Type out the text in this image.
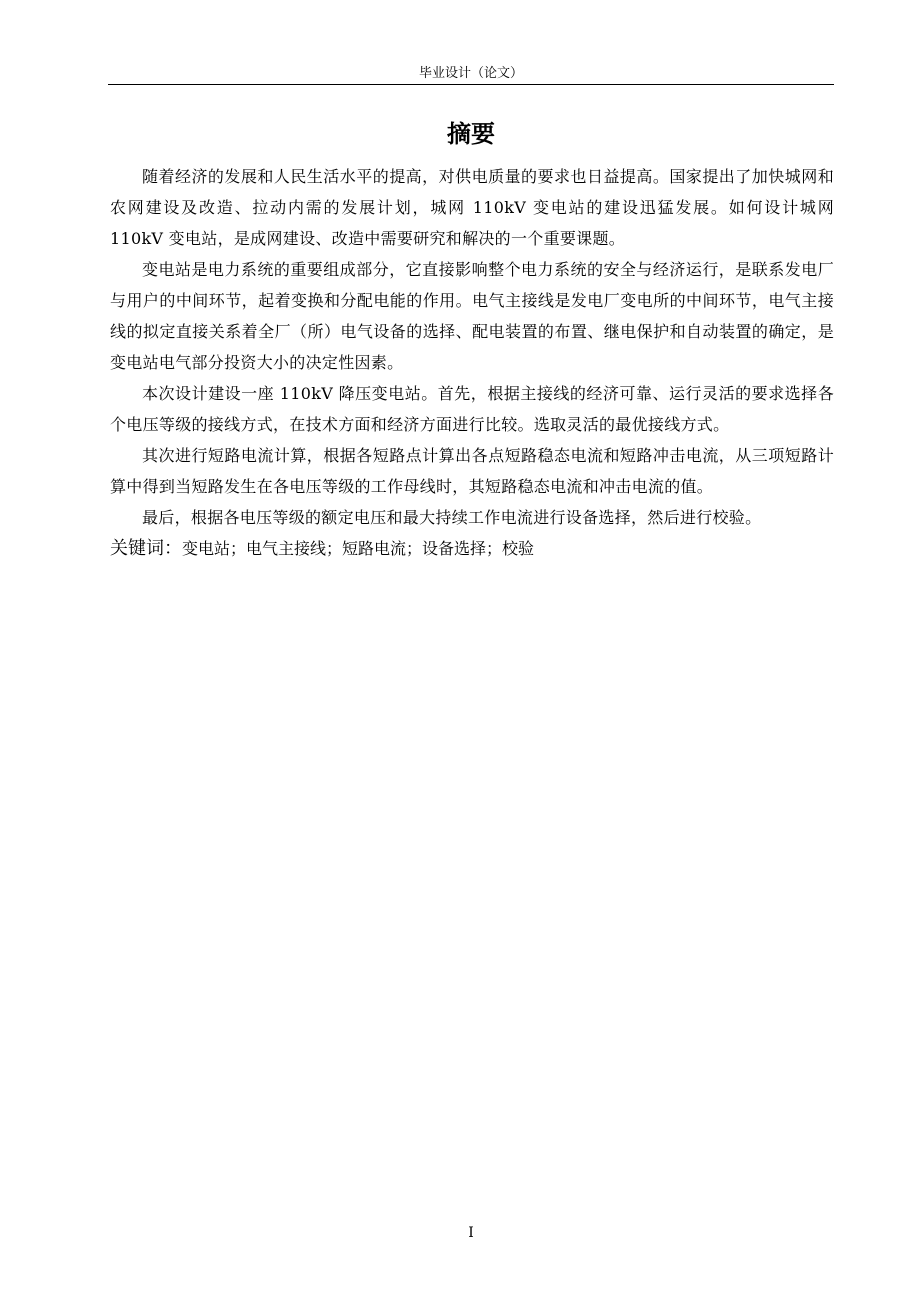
毕业设计（论文）
摘要

随着经济的发展和人民生活水平的提高，对供电质量的要求也日益提高。国家提出了加快城网和农网建设及改造、拉动内需的发展计划，城网 110kV 变电站的建设迅猛发展。如何设计城网 110kV 变电站，是成网建设、改造中需要研究和解决的一个重要课题。

变电站是电力系统的重要组成部分，它直接影响整个电力系统的安全与经济运行，是联系发电厂与用户的中间环节，起着变换和分配电能的作用。电气主接线是发电厂变电所的中间环节，电气主接线的拟定直接关系着全厂（所）电气设备的选择、配电装置的布置、继电保护和自动装置的确定，是变电站电气部分投资大小的决定性因素。

本次设计建设一座 110kV 降压变电站。首先，根据主接线的经济可靠、运行灵活的要求选择各个电压等级的接线方式，在技术方面和经济方面进行比较。选取灵活的最优接线方式。

其次进行短路电流计算，根据各短路点计算出各点短路稳态电流和短路冲击电流，从三项短路计算中得到当短路发生在各电压等级的工作母线时，其短路稳态电流和冲击电流的值。

最后，根据各电压等级的额定电压和最大持续工作电流进行设备选择，然后进行校验。

关键词：变电站；电气主接线；短路电流；设备选择；校验

I
